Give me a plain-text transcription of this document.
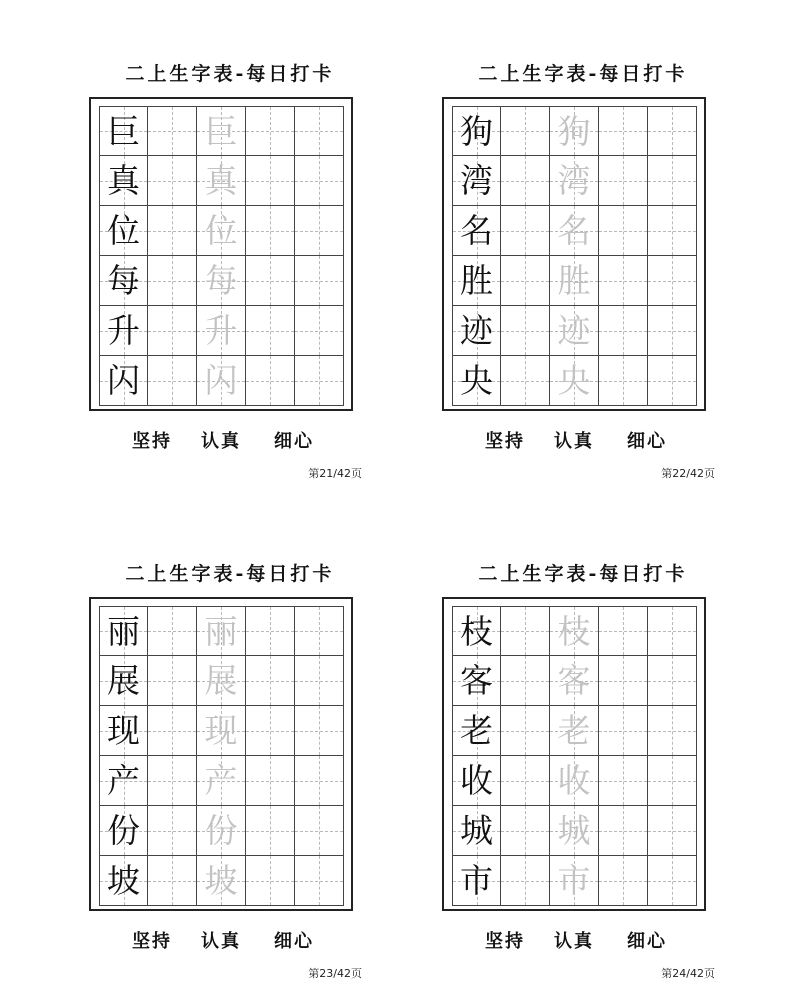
二上生字表-每日打卡
巨 巨
真 真
位 位
每 每
升 升
闪 闪
坚持 认真 细心
第21/42页
二上生字表-每日打卡
狗 狗
湾 湾
名 名
胜 胜
迹 迹
央 央
坚持 认真 细心
第22/42页
二上生字表-每日打卡
丽 丽
展 展
现 现
产 产
份 份
坡 坡
坚持 认真 细心
第23/42页
二上生字表-每日打卡
枝 枝
客 客
老 老
收 收
城 城
市 市
坚持 认真 细心
第24/42页
